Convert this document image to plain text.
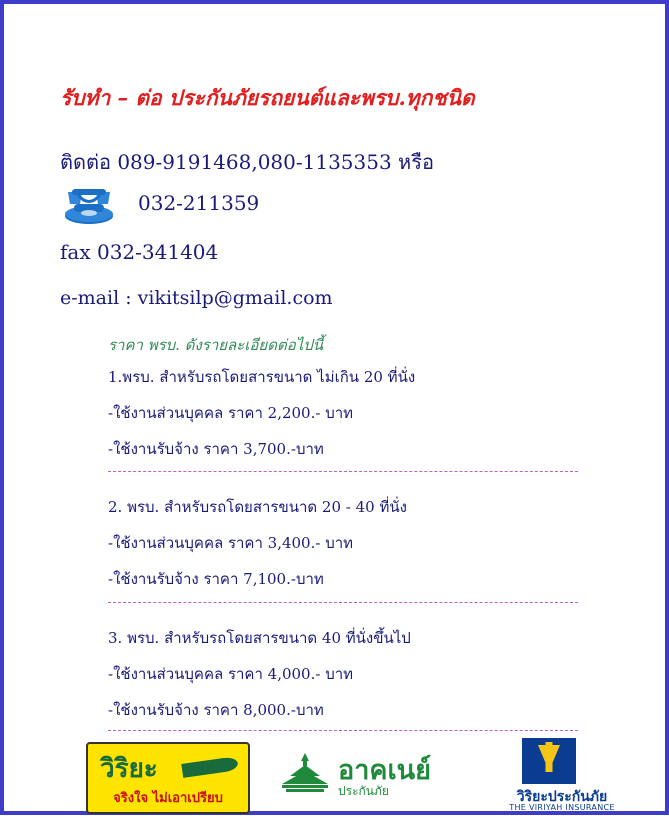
รับทำ – ต่อ ประกันภัยรถยนต์และพรบ.ทุกชนิด
ติดต่อ 089-9191468,080-1135353 หรือ
032-211359
fax 032-341404
e-mail : vikitsilp@gmail.com
ราคา พรบ. ดังรายละเอียดต่อไปนี้
1.พรบ. สำหรับรถโดยสารขนาด ไม่เกิน 20 ที่นั่ง
-ใช้งานส่วนบุคคล ราคา 2,200.- บาท
-ใช้งานรับจ้าง ราคา 3,700.-บาท
2. พรบ. สำหรับรถโดยสารขนาด 20 - 40 ที่นั่ง
-ใช้งานส่วนบุคคล ราคา 3,400.- บาท
-ใช้งานรับจ้าง ราคา 7,100.-บาท
3. พรบ. สำหรับรถโดยสารขนาด 40 ที่นั่งขึ้นไป
-ใช้งานส่วนบุคคล ราคา 4,000.- บาท
-ใช้งานรับจ้าง ราคา 8,000.-บาท
วิริยะ
จริงใจ ไม่เอาเปรียบ
อาคเนย์
ประกันภัย	วิริยะประกันภัย
THE VIRIYAH INSURANCE
